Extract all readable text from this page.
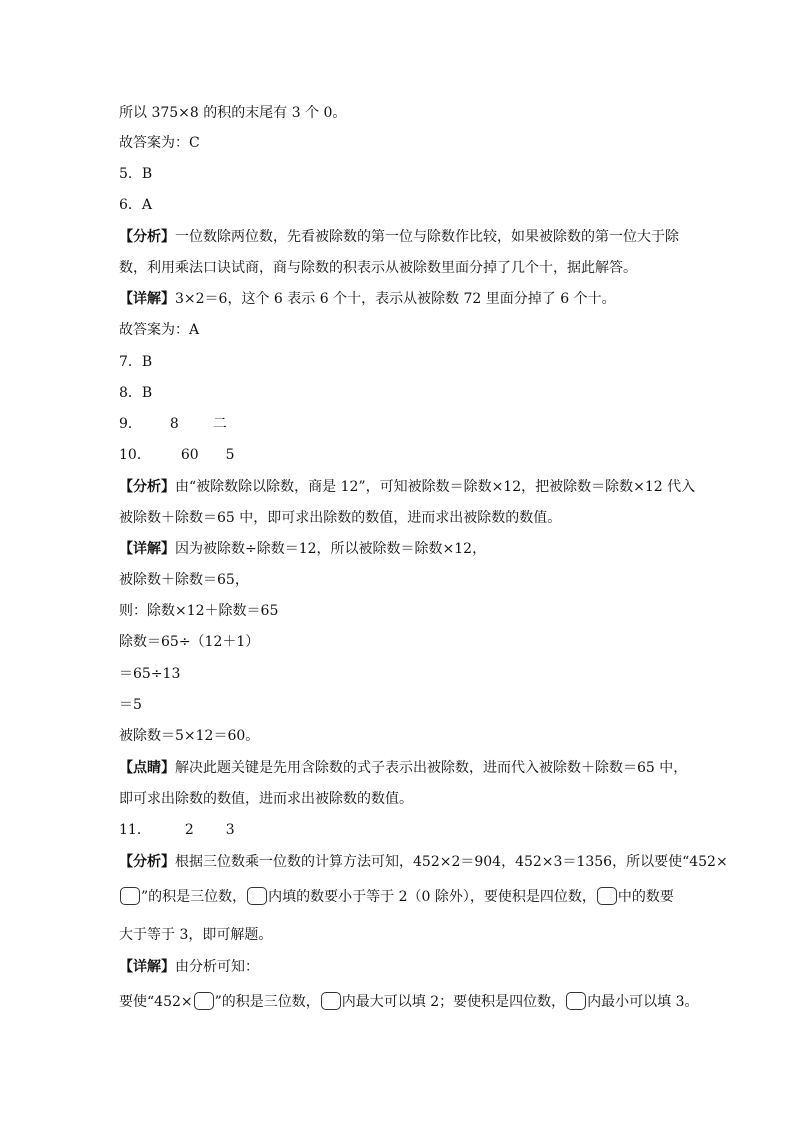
所以 375×8 的积的末尾有 3 个 0。
故答案为：C
5．B
6．A
【分析】一位数除两位数，先看被除数的第一位与除数作比较，如果被除数的第一位大于除
数，利用乘法口诀试商，商与除数的积表示从被除数里面分掉了几个十，据此解答。
【详解】3×2＝6，这个 6 表示 6 个十，表示从被除数 72 里面分掉了 6 个十。
故答案为：A
7．B
8．B
9． 8 二
10． 60 5
【分析】由“被除数除以除数，商是 12”，可知被除数＝除数×12，把被除数＝除数×12 代入
被除数＋除数＝65 中，即可求出除数的数值，进而求出被除数的数值。
【详解】因为被除数÷除数＝12，所以被除数＝除数×12，
被除数＋除数＝65，
则：除数×12＋除数＝65
除数＝65÷（12＋1）
＝65÷13
＝5
被除数＝5×12＝60。
【点睛】解决此题关键是先用含除数的式子表示出被除数，进而代入被除数＋除数＝65 中，
即可求出除数的数值，进而求出被除数的数值。
11． 2 3
【分析】根据三位数乘一位数的计算方法可知，452×2＝904，452×3＝1356，所以要使“452×
”的积是三位数， 内填的数要小于等于 2（0 除外），要使积是四位数， 中的数要
大于等于 3，即可解题。
【详解】由分析可知：
要使“452× ”的积是三位数， 内最大可以填 2；要使积是四位数， 内最小可以填 3。
